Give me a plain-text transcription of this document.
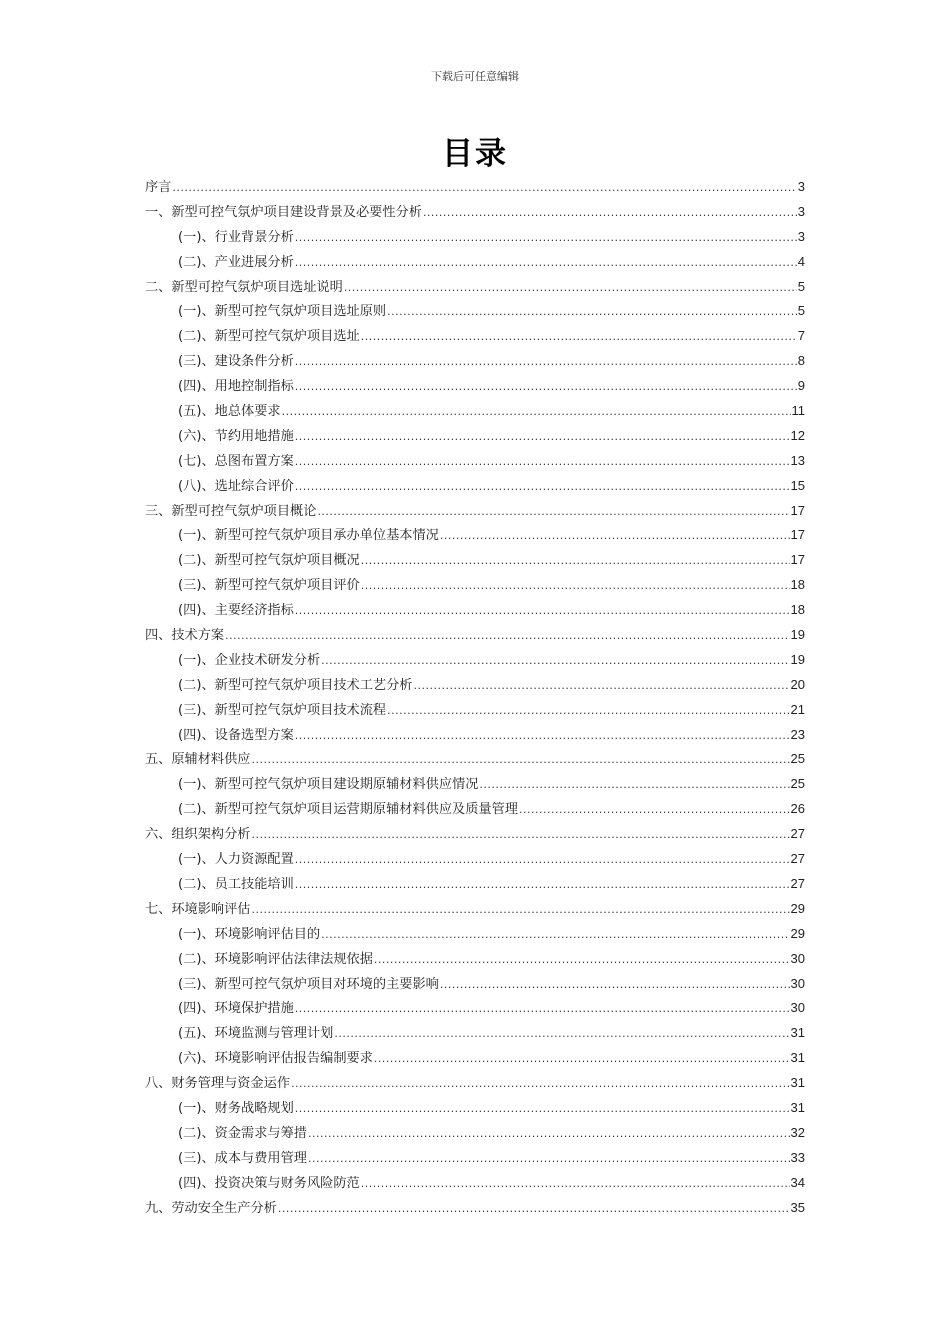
下载后可任意编辑
目录
序言 .....	3
一、新型可控气氛炉项目建设背景及必要性分析 .....	3
(一)、行业背景分析 .....	3
(二)、产业进展分析 .....	4
二、新型可控气氛炉项目选址说明 .....	5
(一)、新型可控气氛炉项目选址原则 .....	5
(二)、新型可控气氛炉项目选址 .....	7
(三)、建设条件分析 .....	8
(四)、用地控制指标 .....	9
(五)、地总体要求 .....	11
(六)、节约用地措施 .....	12
(七)、总图布置方案 .....	13
(八)、选址综合评价 .....	15
三、新型可控气氛炉项目概论 .....	17
(一)、新型可控气氛炉项目承办单位基本情况 .....	17
(二)、新型可控气氛炉项目概况 .....	17
(三)、新型可控气氛炉项目评价 .....	18
(四)、主要经济指标 .....	18
四、技术方案 .....	19
(一)、企业技术研发分析 .....	19
(二)、新型可控气氛炉项目技术工艺分析 .....	20
(三)、新型可控气氛炉项目技术流程 .....	21
(四)、设备选型方案 .....	23
五、原辅材料供应 .....	25
(一)、新型可控气氛炉项目建设期原辅材料供应情况 .....	25
(二)、新型可控气氛炉项目运营期原辅材料供应及质量管理 .....	26
六、组织架构分析 .....	27
(一)、人力资源配置 .....	27
(二)、员工技能培训 .....	27
七、环境影响评估 .....	29
(一)、环境影响评估目的 .....	29
(二)、环境影响评估法律法规依据 .....	30
(三)、新型可控气氛炉项目对环境的主要影响 .....	30
(四)、环境保护措施 .....	30
(五)、环境监测与管理计划 .....	31
(六)、环境影响评估报告编制要求 .....	31
八、财务管理与资金运作 .....	31
(一)、财务战略规划 .....	31
(二)、资金需求与筹措 .....	32
(三)、成本与费用管理 .....	33
(四)、投资决策与财务风险防范 .....	34
九、劳动安全生产分析 .....	35
